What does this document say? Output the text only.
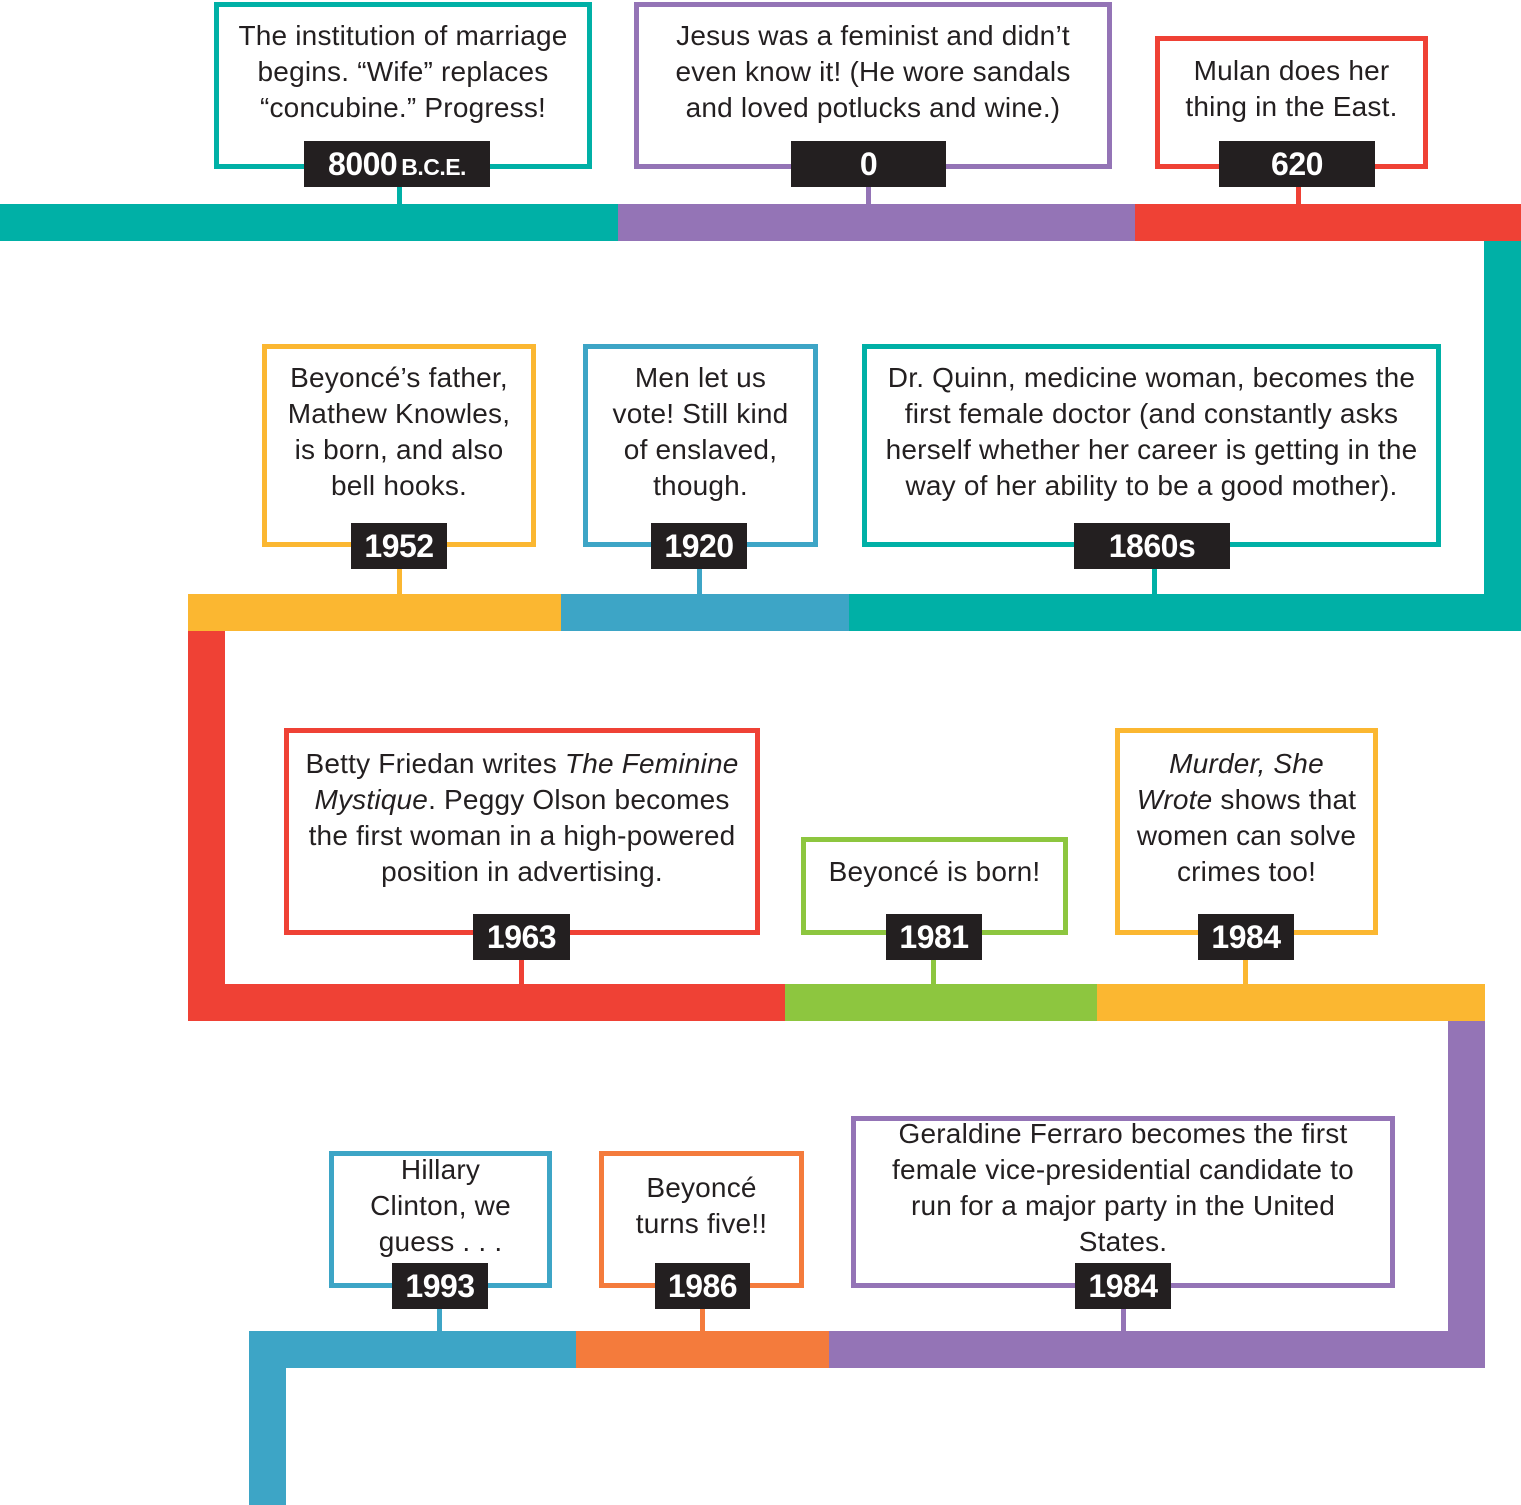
The institution of marriage begins. “Wife” replaces “concubine.” Progress!
8000 B.C.E.
Jesus was a feminist and didn’t even know it! (He wore sandals and loved potlucks and wine.)
0
Mulan does her thing in the East.
620
Dr. Quinn, medicine woman, becomes the first female doctor (and constantly asks herself whether her career is getting in the way of her ability to be a good mother).
1860s
Men let us vote! Still kind of enslaved, though.
1920
Beyoncé’s father, Mathew Knowles, is born, and also bell hooks.
1952
Betty Friedan writes The Feminine Mystique. Peggy Olson becomes the first woman in a high-powered position in advertising.
1963
Beyoncé is born!
1981
Murder, She Wrote shows that women can solve crimes too!
1984
Geraldine Ferraro becomes the first female vice-presidential candidate to run for a major party in the United States.
1984
Beyoncé turns five!!
1986
Hillary Clinton, we guess . . .
1993
